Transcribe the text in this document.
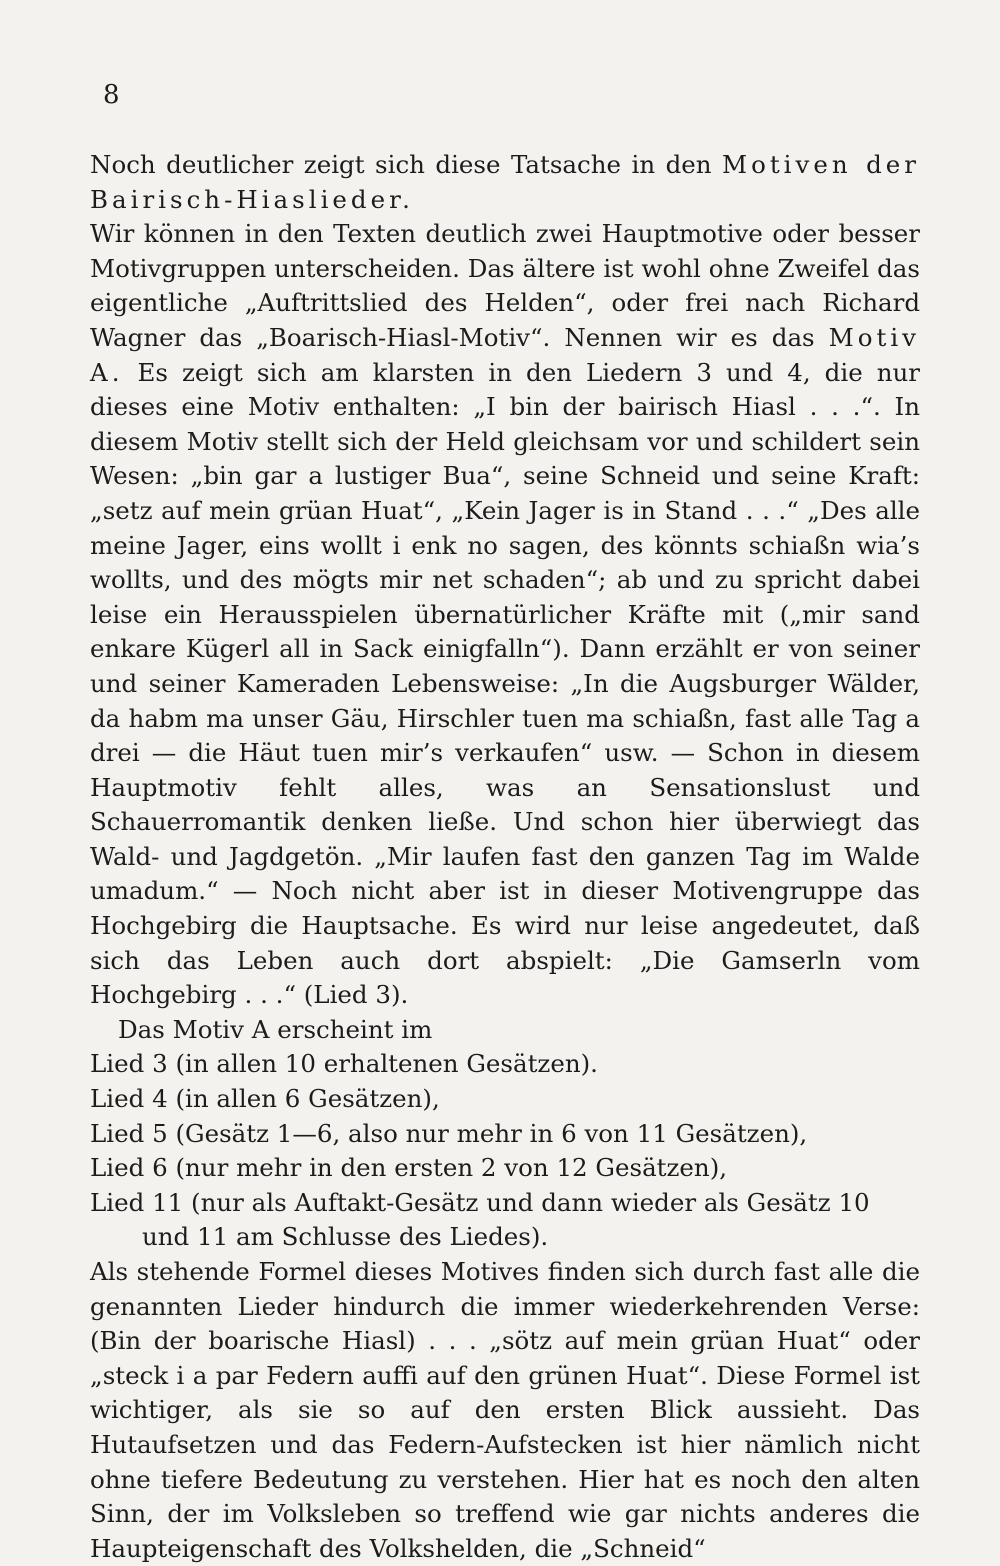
8

Noch deutlicher zeigt sich diese Tatsache in den Motiven der Bairisch-Hiaslieder.

Wir können in den Texten deutlich zwei Hauptmotive oder besser Motivgruppen unterscheiden. Das ältere ist wohl ohne Zweifel das eigentliche „Auftrittslied des Helden“, oder frei nach Richard Wagner das „Boarisch-Hiasl-Motiv“. Nennen wir es das Motiv A. Es zeigt sich am klarsten in den Liedern 3 und 4, die nur dieses eine Motiv enthalten: „I bin der bairisch Hiasl . . .“. In diesem Motiv stellt sich der Held gleichsam vor und schildert sein Wesen: „bin gar a lustiger Bua“, seine Schneid und seine Kraft: „setz auf mein grüan Huat“, „Kein Jager is in Stand . . .“ „Des alle meine Jager, eins wollt i enk no sagen, des könnts schiaßn wia’s wollts, und des mögts mir net schaden“; ab und zu spricht dabei leise ein Herausspielen übernatürlicher Kräfte mit („mir sand enkare Kügerl all in Sack einigfalln“). Dann erzählt er von seiner und seiner Kameraden Lebensweise: „In die Augsburger Wälder, da habm ma unser Gäu, Hirschler tuen ma schiaßn, fast alle Tag a drei — die Häut tuen mir’s verkaufen“ usw. — Schon in diesem Hauptmotiv fehlt alles, was an Sensationslust und Schauerromantik denken ließe. Und schon hier überwiegt das Wald- und Jagdgetön. „Mir laufen fast den ganzen Tag im Walde umadum.“ — Noch nicht aber ist in dieser Motivengruppe das Hochgebirg die Hauptsache. Es wird nur leise angedeutet, daß sich das Leben auch dort abspielt: „Die Gamserln vom Hochgebirg . . .“ (Lied 3).

Das Motiv A erscheint im

Lied 3 (in allen 10 erhaltenen Gesätzen).
Lied 4 (in allen 6 Gesätzen),
Lied 5 (Gesätz 1—6, also nur mehr in 6 von 11 Gesätzen),
Lied 6 (nur mehr in den ersten 2 von 12 Gesätzen),
Lied 11 (nur als Auftakt-Gesätz und dann wieder als Gesätz 10 und 11 am Schlusse des Liedes).

Als stehende Formel dieses Motives finden sich durch fast alle die genannten Lieder hindurch die immer wiederkehrenden Verse: (Bin der boarische Hiasl) . . . „sötz auf mein grüan Huat“ oder „steck i a par Federn auffi auf den grünen Huat“. Diese Formel ist wichtiger, als sie so auf den ersten Blick aussieht. Das Hutaufsetzen und das Federn-Aufstecken ist hier nämlich nicht ohne tiefere Bedeutung zu verstehen. Hier hat es noch den alten Sinn, der im Volksleben so treffend wie gar nichts anderes die Haupteigenschaft des Volkshelden, die „Schneid“
